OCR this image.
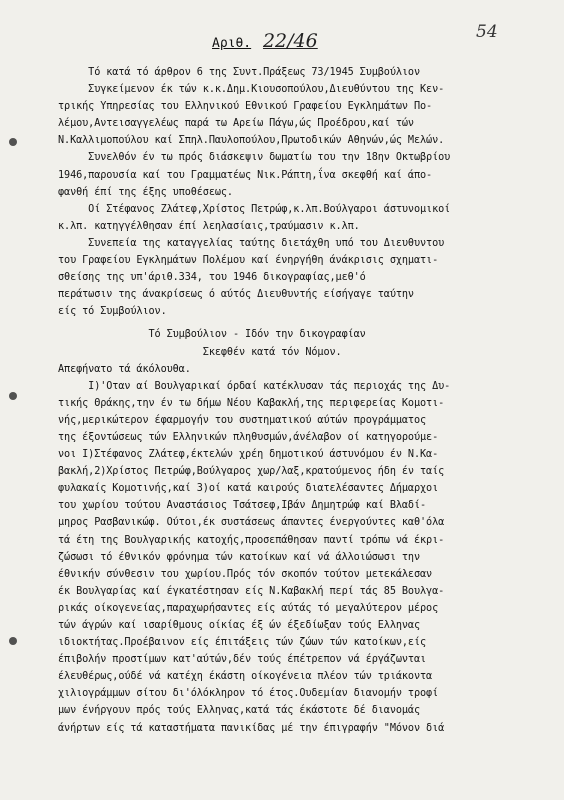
Αριθ. 22/46	54
Τό κατά τό άρθρον 6 της Συντ.Πράξεως 73/1945 Συμβούλιον
Συγκείμενον έκ τών κ.κ.Δημ.Κιουσοπούλου,Διευθύντου της Κεν-
τρικής Υπηρεσίας του Ελληνικού Εθνικού Γραφείου Εγκλημάτων Πο-
λέμου,Αντεισαγγελέως παρά τω Αρείω Πάγω,ώς Προέδρου,καί τών
Ν.Καλλιμοπούλου καί Σπηλ.Παυλοπούλου,Πρωτοδικών Αθηνών,ώς Μελών.
Συνελθόν έν τω πρός διάσκεψιν δωματίω του την 18ην Οκτωβρίου
1946,παρουσία καί του Γραμματέως Νικ.Ράπτη,ΐνα σκεφθή καί άπο-
φανθή έπί της έξης υποθέσεως.
Οί Στέφανος Ζλάτεφ,Χρίστος Πετρώφ,κ.λπ.Βούλγαροι άστυνομικοί
κ.λπ. κατηγγέλθησαν έπί λεηλασίαις,τραύμασιν κ.λπ.
Συνεπεία της καταγγελίας ταύτης διετάχθη υπό του Διευθυντου
του Γραφείου Εγκλημάτων Πολέμου καί ένηργήθη άνάκρισις σχηματι-
σθείσης της υπ'άριθ.334, του 1946 δικογραφίας,μεθ'ό
περάτωσιν της άνακρίσεως ό αύτός Διευθυντής είσήγαγε ταύτην
είς τό Συμβούλιον.
Τό Συμβούλιον - Ιδόν την δικογραφίαν
Σκεφθέν κατά τόν Νόμον.
Απεφήνατο τά άκόλουθα.
I)'Οταν αί Βουλγαρικαί όρδαί κατέκλυσαν τάς περιοχάς της Δυ-
τικής Θράκης,την έν τω δήμω Νέου Καβακλή,της περιφερείας Κομοτι-
νής,μερικώτερον έφαρμογήν του συστηματικού αύτών προγράμματος
της έξοντώσεως τών Ελληνικών πληθυσμών,άνέλαβον οί κατηγορούμε-
νοι I)Στέφανος Ζλάτεφ,έκτελών χρέη δημοτικού άστυνόμου έν Ν.Κα-
βακλή,2)Χρίστος Πετρώφ,Βούλγαρος χωρ/λαξ,κρατούμενος ήδη έν ταίς
φυλακαίς Κομοτινής,καί 3)οί κατά καιρούς διατελέσαντες Δήμαρχοι
του χωρίου τούτου Αναστάσιος Τσάτσεφ,Ιβάν Δημητρώφ καί Βλαδί-
μηρος Ρασβανικώφ. Ούτοι,έκ συστάσεως άπαντες ένεργούντες καθ'όλα
τά έτη της Βουλγαρικής κατοχής,προσεπάθησαν παντί τρόπω νά έκρι-
ζώσωσι τό έθνικόν φρόνημα τών κατοίκων καί νά άλλοιώσωσι την
έθνικήν σύνθεσιν του χωρίου.Πρός τόν σκοπόν τούτον μετεκάλεσαν
έκ Βουλγαρίας καί έγκατέστησαν είς Ν.Καβακλή περί τάς 85 Βουλγα-
ρικάς οίκογενείας,παραχωρήσαντες είς αύτάς τό μεγαλύτερον μέρος
τών άγρών καί ισαρίθμους οίκίας έξ ών έξεδίωξαν τούς Ελληνας
ιδιοκτήτας.Προέβαινον είς έπιτάξεις τών ζώων τών κατοίκων,είς
έπιβολήν προστίμων κατ'αύτών,δέν τούς έπέτρεπον νά έργάζωνται
έλευθέρως,ούδέ νά κατέχη έκάστη οίκογένεια πλέον τών τριάκοντα
χιλιογράμμων σίτου δι'όλόκληρον τό έτος.Ουδεμίαν διανομήν τροφί
μων ένήργουν πρός τούς Ελληνας,κατά τάς έκάστοτε δέ διανομάς
άνήρτων είς τά καταστήματα πανικίδας μέ την έπιγραφήν "Μόνον διά
